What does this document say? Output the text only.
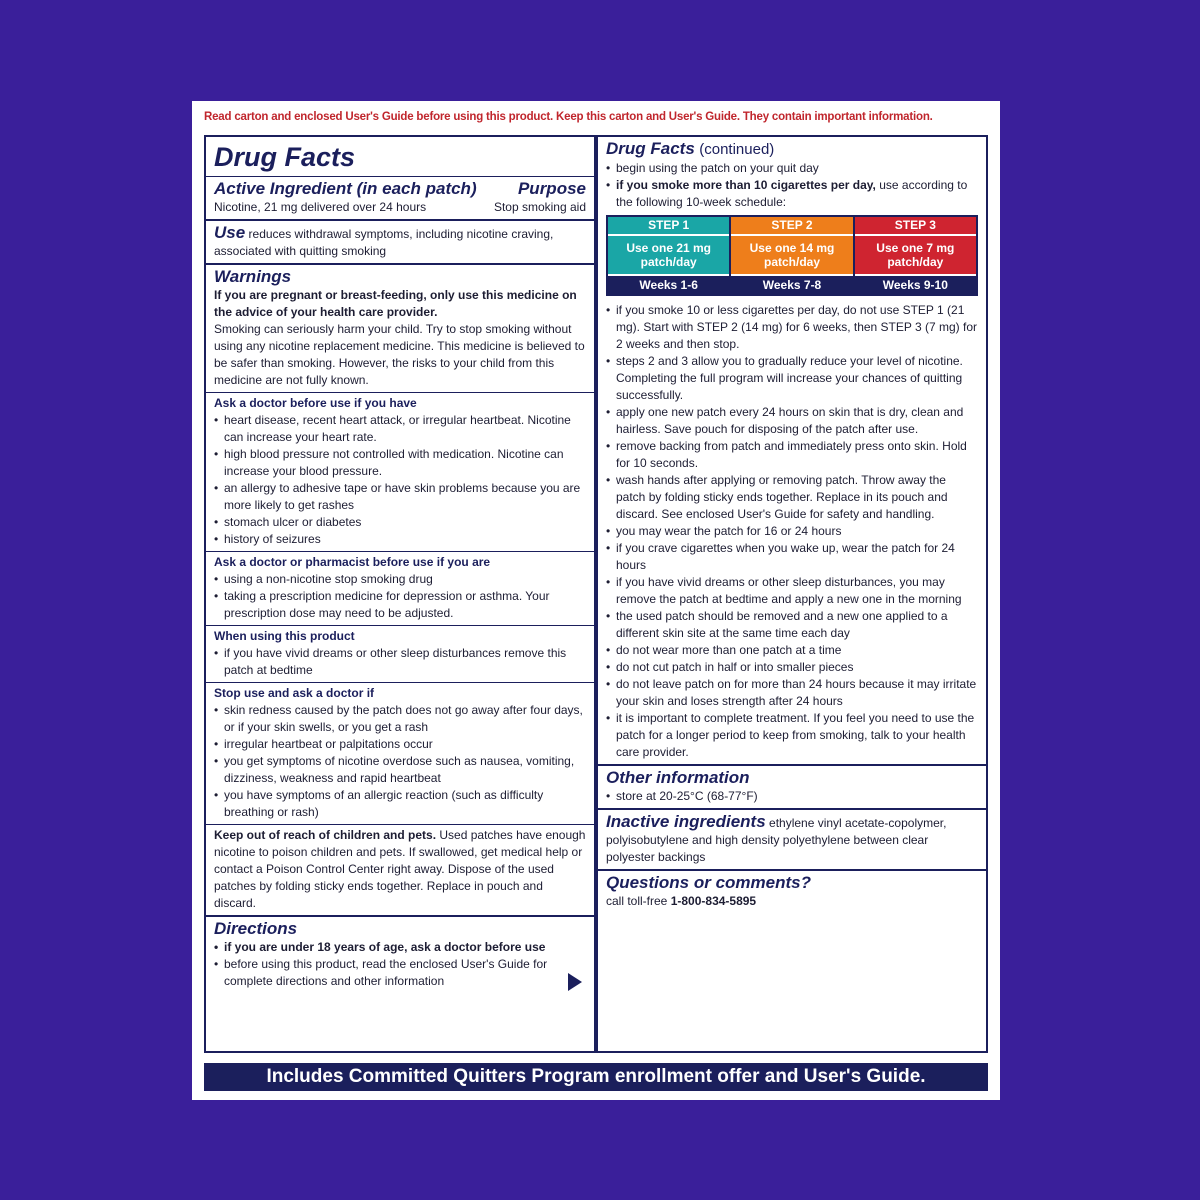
Read carton and enclosed User's Guide before using this product. Keep this carton and User's Guide. They contain important information.
Drug Facts
Active Ingredient (in each patch) Purpose
Nicotine, 21 mg delivered over 24 hours	Stop smoking aid
Use reduces withdrawal symptoms, including nicotine craving, associated with quitting smoking
Warnings
If you are pregnant or breast-feeding, only use this medicine on the advice of your health care provider.
Smoking can seriously harm your child. Try to stop smoking without using any nicotine replacement medicine. This medicine is believed to be safer than smoking. However, the risks to your child from this medicine are not fully known.
Ask a doctor before use if you have
• heart disease, recent heart attack, or irregular heartbeat. Nicotine can increase your heart rate.
• high blood pressure not controlled with medication. Nicotine can increase your blood pressure.
• an allergy to adhesive tape or have skin problems because you are more likely to get rashes
• stomach ulcer or diabetes
• history of seizures
Ask a doctor or pharmacist before use if you are
• using a non-nicotine stop smoking drug
• taking a prescription medicine for depression or asthma. Your prescription dose may need to be adjusted.
When using this product
• if you have vivid dreams or other sleep disturbances remove this patch at bedtime
Stop use and ask a doctor if
• skin redness caused by the patch does not go away after four days, or if your skin swells, or you get a rash
• irregular heartbeat or palpitations occur
• you get symptoms of nicotine overdose such as nausea, vomiting, dizziness, weakness and rapid heartbeat
• you have symptoms of an allergic reaction (such as difficulty breathing or rash)
Keep out of reach of children and pets. Used patches have enough nicotine to poison children and pets. If swallowed, get medical help or contact a Poison Control Center right away. Dispose of the used patches by folding sticky ends together. Replace in pouch and discard.
Directions
• if you are under 18 years of age, ask a doctor before use
• before using this product, read the enclosed User's Guide for complete directions and other information
Drug Facts (continued)
• begin using the patch on your quit day
• if you smoke more than 10 cigarettes per day, use according to the following 10-week schedule:
STEP 1
Use one 21 mg patch/day
Weeks 1-6
STEP 2
Use one 14 mg patch/day
Weeks 7-8
STEP 3
Use one 7 mg patch/day
Weeks 9-10
• if you smoke 10 or less cigarettes per day, do not use STEP 1 (21 mg). Start with STEP 2 (14 mg) for 6 weeks, then STEP 3 (7 mg) for 2 weeks and then stop.
• steps 2 and 3 allow you to gradually reduce your level of nicotine. Completing the full program will increase your chances of quitting successfully.
• apply one new patch every 24 hours on skin that is dry, clean and hairless. Save pouch for disposing of the patch after use.
• remove backing from patch and immediately press onto skin. Hold for 10 seconds.
• wash hands after applying or removing patch. Throw away the patch by folding sticky ends together. Replace in its pouch and discard. See enclosed User's Guide for safety and handling.
• you may wear the patch for 16 or 24 hours
• if you crave cigarettes when you wake up, wear the patch for 24 hours
• if you have vivid dreams or other sleep disturbances, you may remove the patch at bedtime and apply a new one in the morning
• the used patch should be removed and a new one applied to a different skin site at the same time each day
• do not wear more than one patch at a time
• do not cut patch in half or into smaller pieces
• do not leave patch on for more than 24 hours because it may irritate your skin and loses strength after 24 hours
• it is important to complete treatment. If you feel you need to use the patch for a longer period to keep from smoking, talk to your health care provider.
Other information
• store at 20-25°C (68-77°F)
Inactive ingredients ethylene vinyl acetate-copolymer, polyisobutylene and high density polyethylene between clear polyester backings
Questions or comments?
call toll-free 1-800-834-5895
Includes Committed Quitters Program enrollment offer and User's Guide.
